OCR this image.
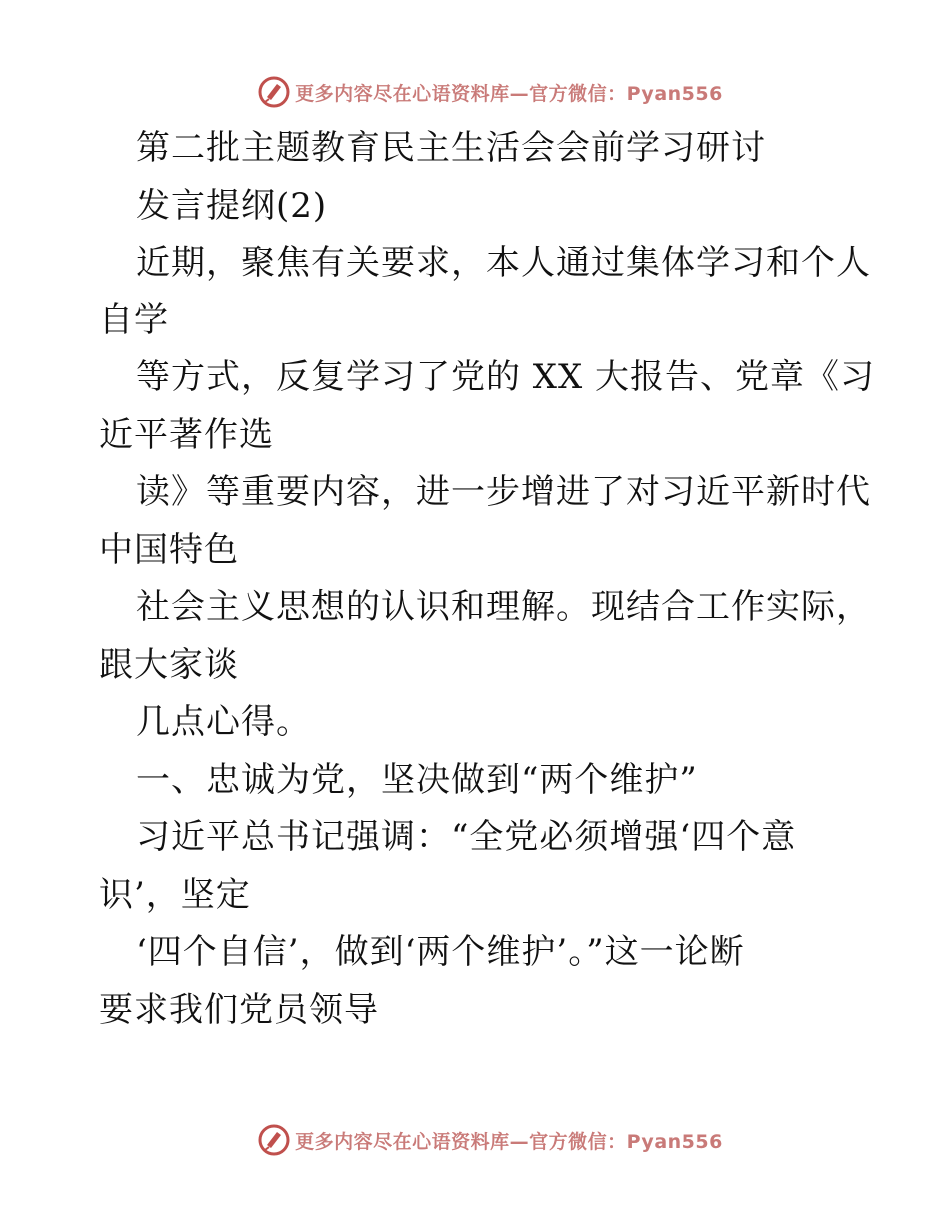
更多内容尽在心语资料库—官方微信：Pyan556
第二批主题教育民主生活会会前学习研讨
发言提纲(2)
近期，聚焦有关要求，本人通过集体学习和个人
自学
等方式，反复学习了党的 XX 大报告、党章《习
近平著作选
读》等重要内容，进一步增进了对习近平新时代
中国特色
社会主义思想的认识和理解。现结合工作实际，
跟大家谈
几点心得。
一、忠诚为党，坚决做到“两个维护”
习近平总书记强调：“全党必须增强‘四个意
识’，坚定
‘四个自信’，做到‘两个维护’。”这一论断
要求我们党员领导
更多内容尽在心语资料库—官方微信：Pyan556
